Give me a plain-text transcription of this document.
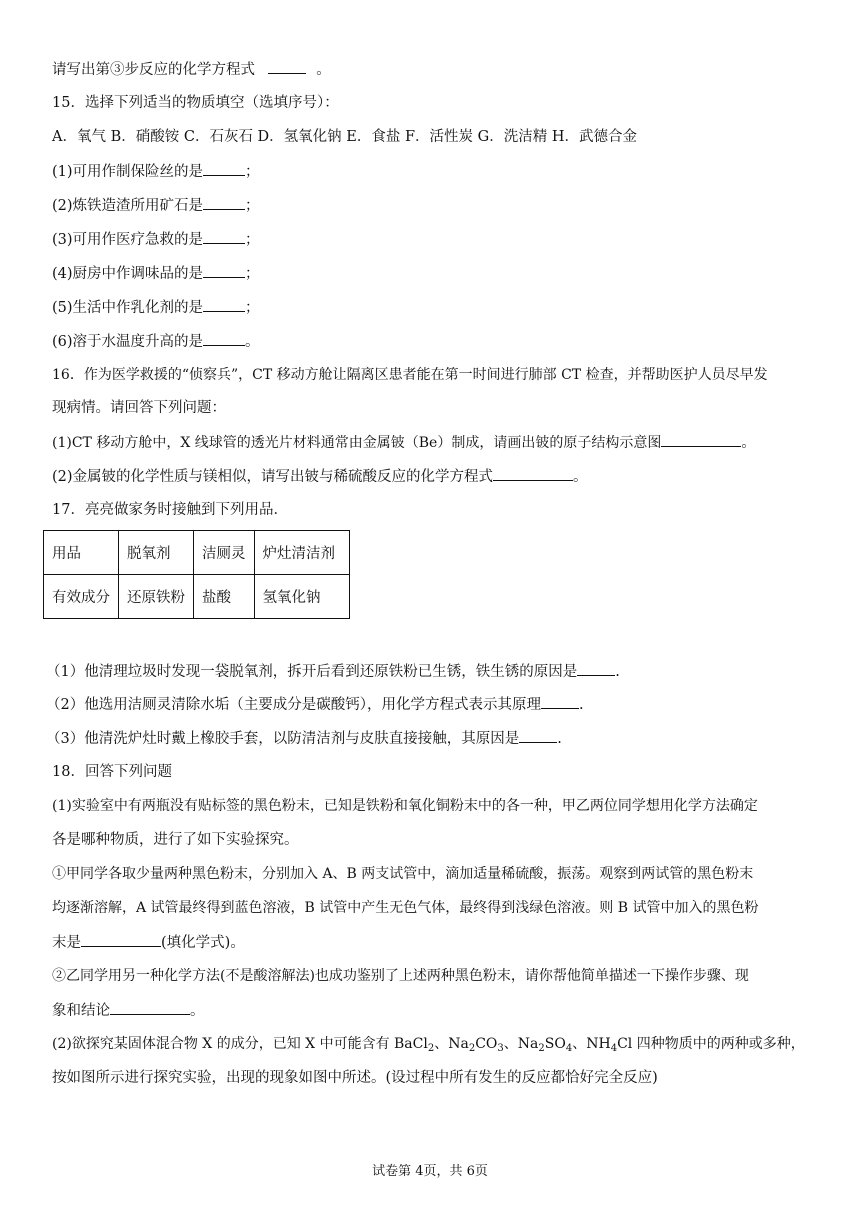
请写出第③步反应的化学方程式	。
15．选择下列适当的物质填空（选填序号）：
A．氧气 B．硝酸铵 C．石灰石 D．氢氧化钠 E．食盐 F．活性炭 G．洗洁精 H．武德合金
(1)可用作制保险丝的是	；
(2)炼铁造渣所用矿石是	；
(3)可用作医疗急救的是	；
(4)厨房中作调味品的是	；
(5)生活中作乳化剂的是	；
(6)溶于水温度升高的是	。
16．作为医学救援的“侦察兵”，CT 移动方舱让隔离区患者能在第一时间进行肺部 CT 检查，并帮助医护人员尽早发
现病情。请回答下列问题：
(1)CT 移动方舱中，X 线球管的透光片材料通常由金属铍（Be）制成，请画出铍的原子结构示意图	。
(2)金属铍的化学性质与镁相似，请写出铍与稀硫酸反应的化学方程式	。
17．亮亮做家务时接触到下列用品．
用品	脱氧剂	洁厕灵	炉灶清洁剂
有效成分	还原铁粉	盐酸	氢氧化钠
（1）他清理垃圾时发现一袋脱氧剂，拆开后看到还原铁粉已生锈，铁生锈的原因是	.
（2）他选用洁厕灵清除水垢（主要成分是碳酸钙），用化学方程式表示其原理	.
（3）他清洗炉灶时戴上橡胶手套，以防清洁剂与皮肤直接接触，其原因是	.
18．回答下列问题
(1)实验室中有两瓶没有贴标签的黑色粉末，已知是铁粉和氧化铜粉末中的各一种，甲乙两位同学想用化学方法确定
各是哪种物质，进行了如下实验探究。
①甲同学各取少量两种黑色粉末，分别加入 A、B 两支试管中，滴加适量稀硫酸，振荡。观察到两试管的黑色粉末
均逐渐溶解，A 试管最终得到蓝色溶液，B 试管中产生无色气体，最终得到浅绿色溶液。则 B 试管中加入的黑色粉
末是	(填化学式)。
②乙同学用另一种化学方法(不是酸溶解法)也成功鉴别了上述两种黑色粉末，请你帮他简单描述一下操作步骤、现
象和结论	。
(2)欲探究某固体混合物 X 的成分，已知 X 中可能含有 BaCl$_2$、$Na_2CO_3$、$Na_2SO_4$、$NH_4Cl$ 四种物质中的两种或多种，
按如图所示进行探究实验，出现的现象如图中所述。(设过程中所有发生的反应都恰好完全反应)
试卷第 4页，共 6页
